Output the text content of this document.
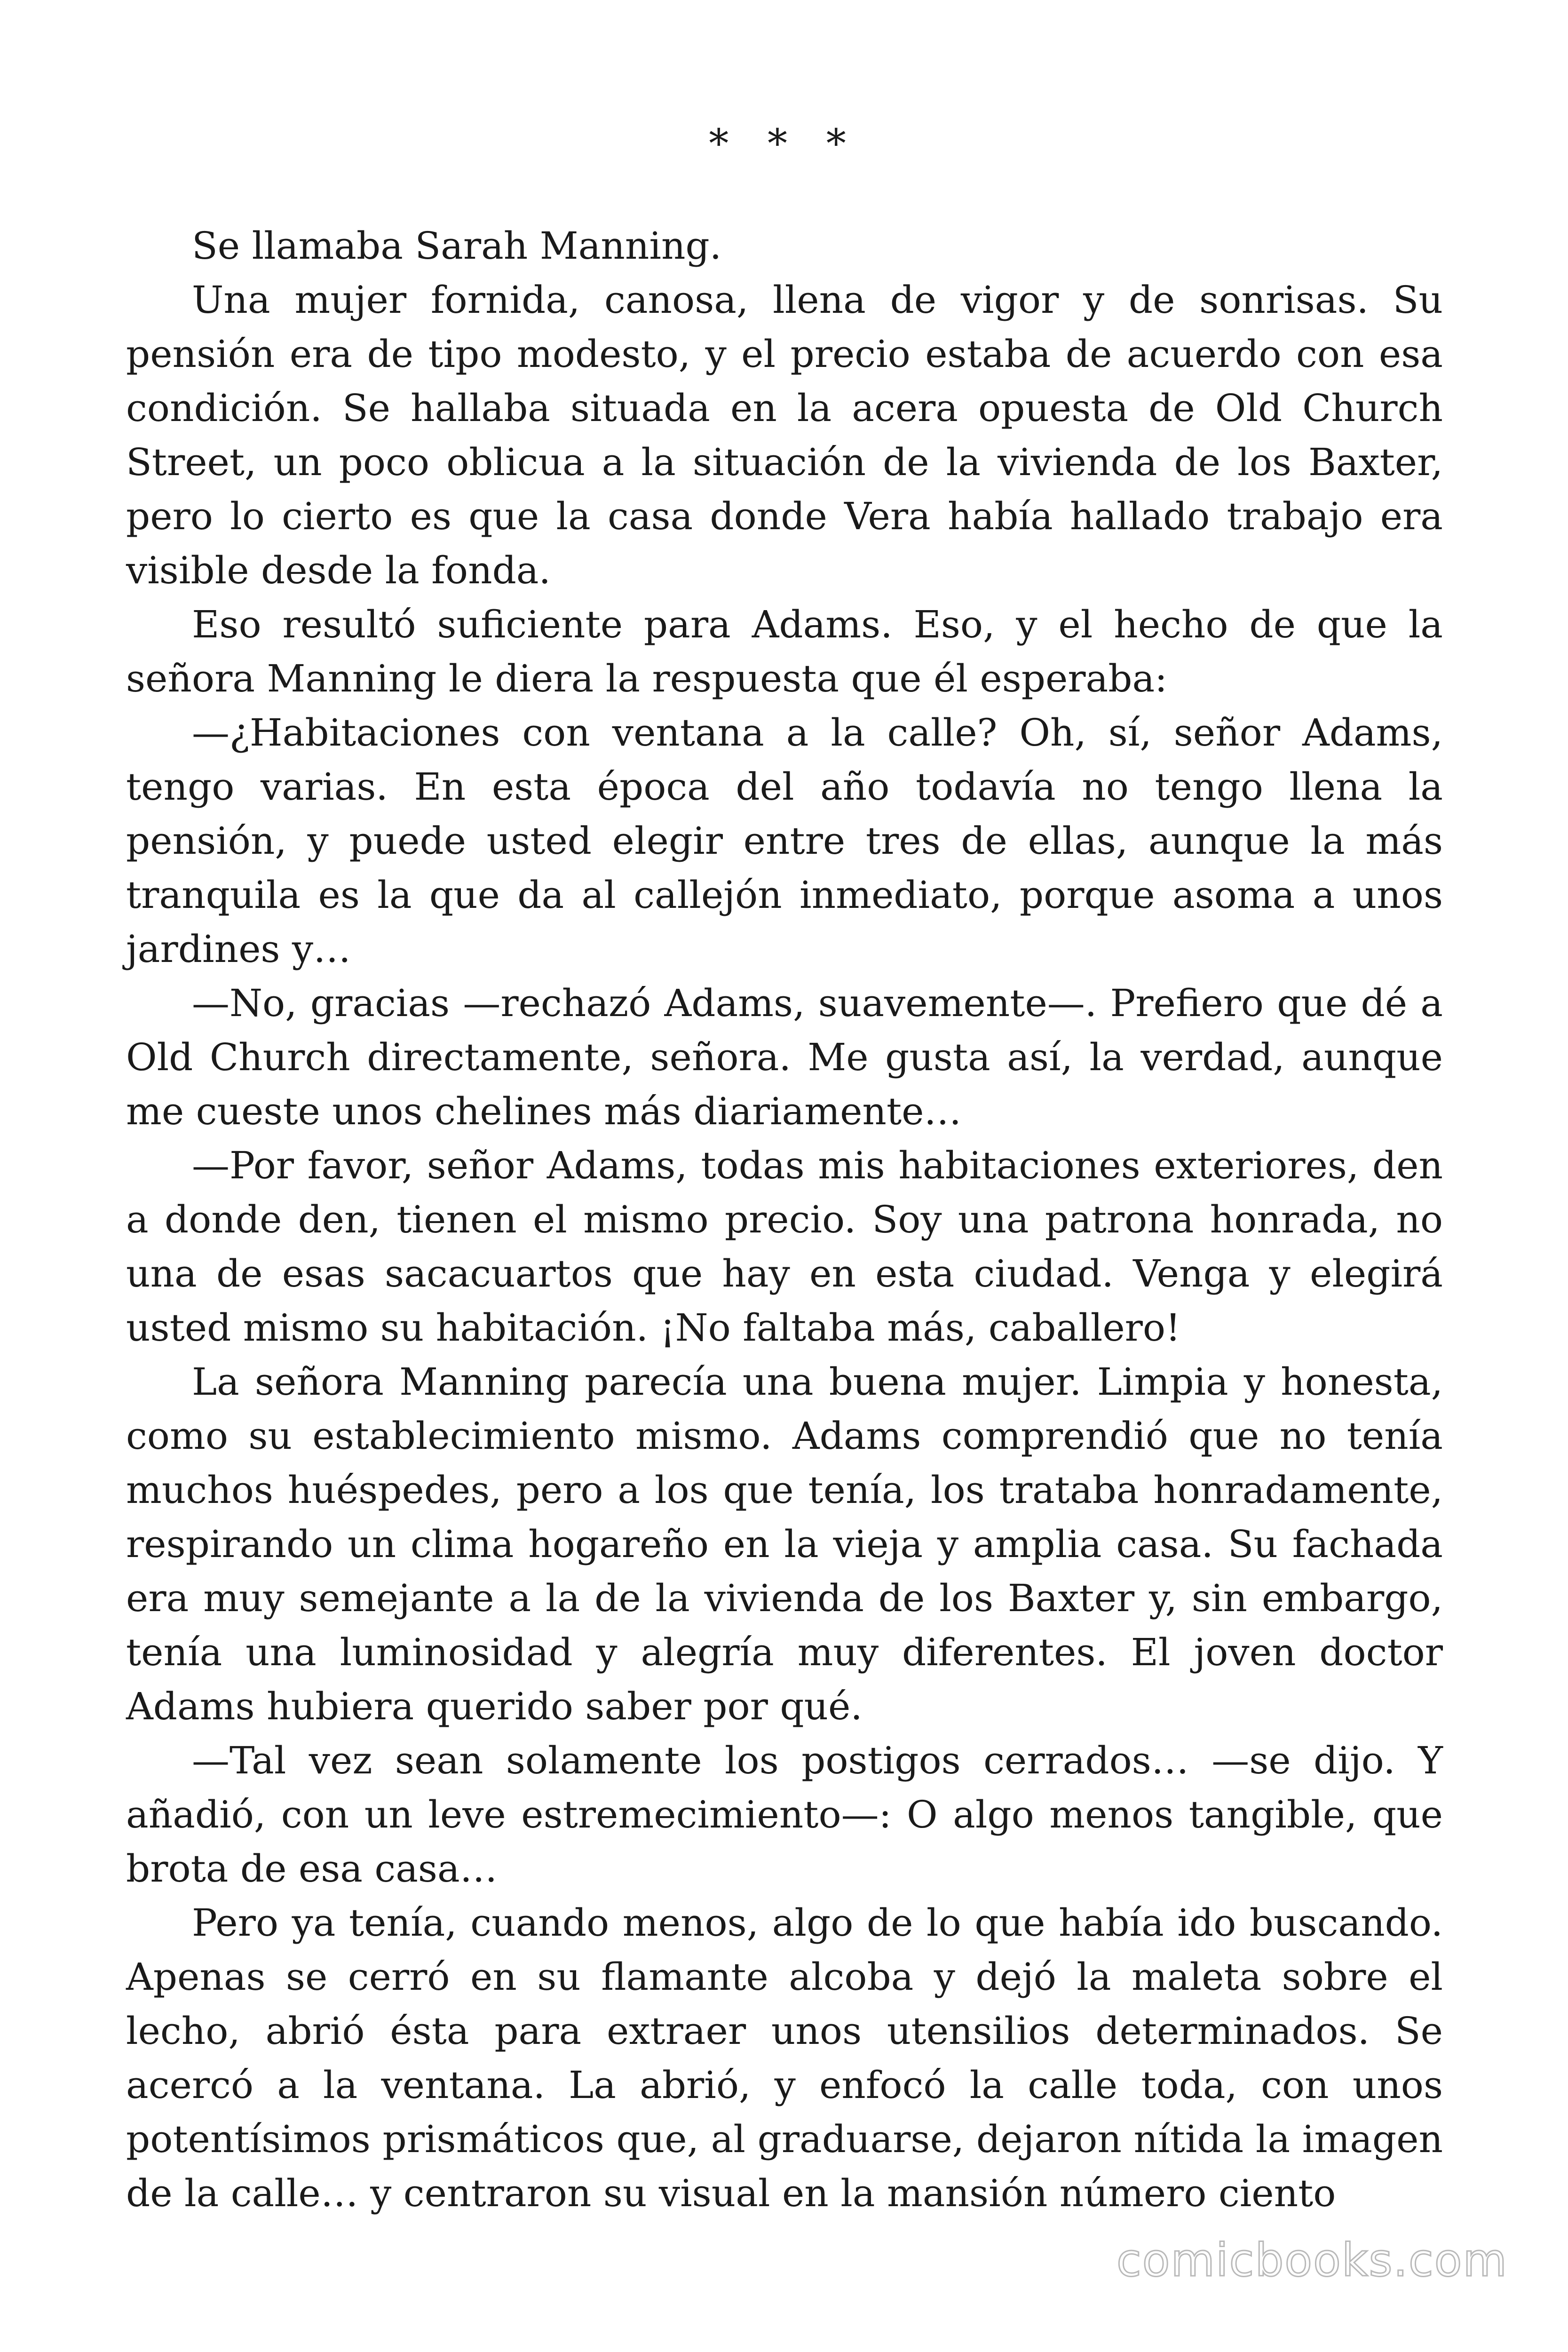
* * *

Se llamaba Sarah Manning.

Una mujer fornida, canosa, llena de vigor y de sonrisas. Su pensión era de tipo modesto, y el precio estaba de acuerdo con esa condición. Se hallaba situada en la acera opuesta de Old Church Street, un poco oblicua a la situación de la vivienda de los Baxter, pero lo cierto es que la casa donde Vera había hallado trabajo era visible desde la fonda.

Eso resultó suficiente para Adams. Eso, y el hecho de que la señora Manning le diera la respuesta que él esperaba:

—¿Habitaciones con ventana a la calle? Oh, sí, señor Adams, tengo varias. En esta época del año todavía no tengo llena la pensión, y puede usted elegir entre tres de ellas, aunque la más tranquila es la que da al callejón inmediato, porque asoma a unos jardines y…

—No, gracias —rechazó Adams, suavemente—. Prefiero que dé a Old Church directamente, señora. Me gusta así, la verdad, aunque me cueste unos chelines más diariamente…

—Por favor, señor Adams, todas mis habitaciones exteriores, den a donde den, tienen el mismo precio. Soy una patrona honrada, no una de esas sacacuartos que hay en esta ciudad. Venga y elegirá usted mismo su habitación. ¡No faltaba más, caballero!

La señora Manning parecía una buena mujer. Limpia y honesta, como su establecimiento mismo. Adams comprendió que no tenía muchos huéspedes, pero a los que tenía, los trataba honradamente, respirando un clima hogareño en la vieja y amplia casa. Su fachada era muy semejante a la de la vivienda de los Baxter y, sin embargo, tenía una luminosidad y alegría muy diferentes. El joven doctor Adams hubiera querido saber por qué.

—Tal vez sean solamente los postigos cerrados… —se dijo. Y añadió, con un leve estremecimiento—: O algo menos tangible, que brota de esa casa…

Pero ya tenía, cuando menos, algo de lo que había ido buscando. Apenas se cerró en su flamante alcoba y dejó la maleta sobre el lecho, abrió ésta para extraer unos utensilios determinados. Se acercó a la ventana. La abrió, y enfocó la calle toda, con unos potentísimos prismáticos que, al graduarse, dejaron nítida la imagen de la calle… y centraron su visual en la mansión número ciento

comicbooks.com
